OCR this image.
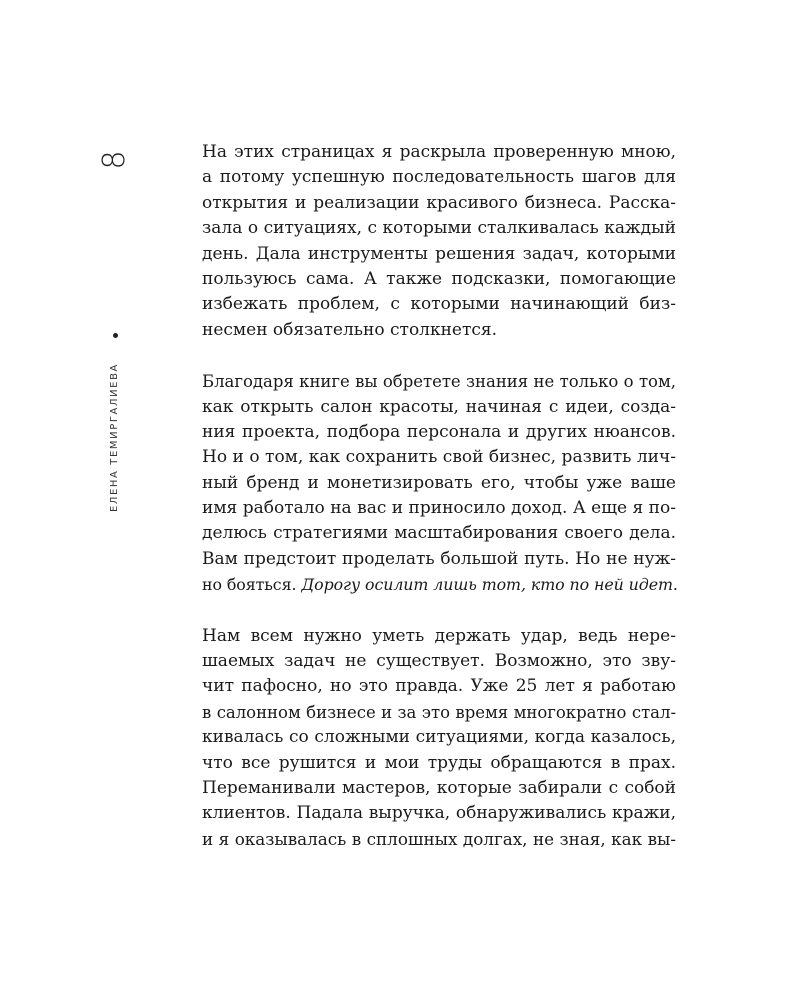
8
ЕЛЕНА ТЕМИРГАЛИЕВА

На этих страницах я раскрыла проверенную мною,
а потому успешную последовательность шагов для
открытия и реализации красивого бизнеса. Расска-
зала о ситуациях, с которыми сталкивалась каждый
день. Дала инструменты решения задач, которыми
пользуюсь сама. А также подсказки, помогающие
избежать проблем, с которыми начинающий биз-
несмен обязательно столкнется.

Благодаря книге вы обретете знания не только о том,
как открыть салон красоты, начиная с идеи, созда-
ния проекта, подбора персонала и других нюансов.
Но и о том, как сохранить свой бизнес, развить лич-
ный бренд и монетизировать его, чтобы уже ваше
имя работало на вас и приносило доход. А еще я по-
делюсь стратегиями масштабирования своего дела.
Вам предстоит проделать большой путь. Но не нуж-
но бояться. Дорогу осилит лишь тот, кто по ней идет.

Нам всем нужно уметь держать удар, ведь нере-
шаемых задач не существует. Возможно, это зву-
чит пафосно, но это правда. Уже 25 лет я работаю
в салонном бизнесе и за это время многократно стал-
кивалась со сложными ситуациями, когда казалось,
что все рушится и мои труды обращаются в прах.
Переманивали мастеров, которые забирали с собой
клиентов. Падала выручка, обнаруживались кражи,
и я оказывалась в сплошных долгах, не зная, как вы-
